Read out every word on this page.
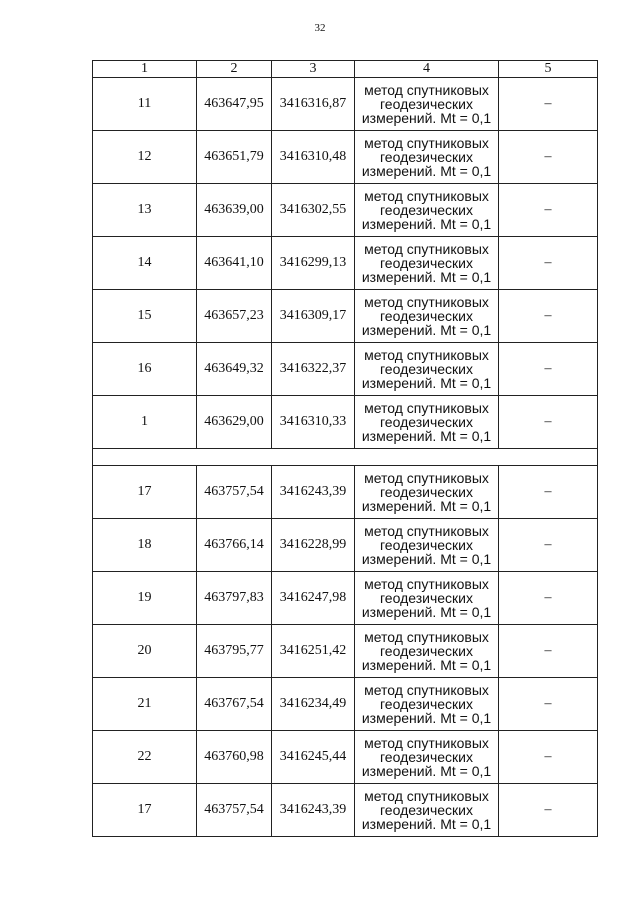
32
1	2	3	4	5
11	463647,95	3416316,87	метод спутниковых
геодезических
измерений. Mt = 0,1	–
12	463651,79	3416310,48	метод спутниковых
геодезических
измерений. Mt = 0,1	–
13	463639,00	3416302,55	метод спутниковых
геодезических
измерений. Mt = 0,1	–
14	463641,10	3416299,13	метод спутниковых
геодезических
измерений. Mt = 0,1	–
15	463657,23	3416309,17	метод спутниковых
геодезических
измерений. Mt = 0,1	–
16	463649,32	3416322,37	метод спутниковых
геодезических
измерений. Mt = 0,1	–
1	463629,00	3416310,33	метод спутниковых
геодезических
измерений. Mt = 0,1	–

17	463757,54	3416243,39	метод спутниковых
геодезических
измерений. Mt = 0,1	–
18	463766,14	3416228,99	метод спутниковых
геодезических
измерений. Mt = 0,1	–
19	463797,83	3416247,98	метод спутниковых
геодезических
измерений. Mt = 0,1	–
20	463795,77	3416251,42	метод спутниковых
геодезических
измерений. Mt = 0,1	–
21	463767,54	3416234,49	метод спутниковых
геодезических
измерений. Mt = 0,1	–
22	463760,98	3416245,44	метод спутниковых
геодезических
измерений. Mt = 0,1	–
17	463757,54	3416243,39	метод спутниковых
геодезических
измерений. Mt = 0,1	–
